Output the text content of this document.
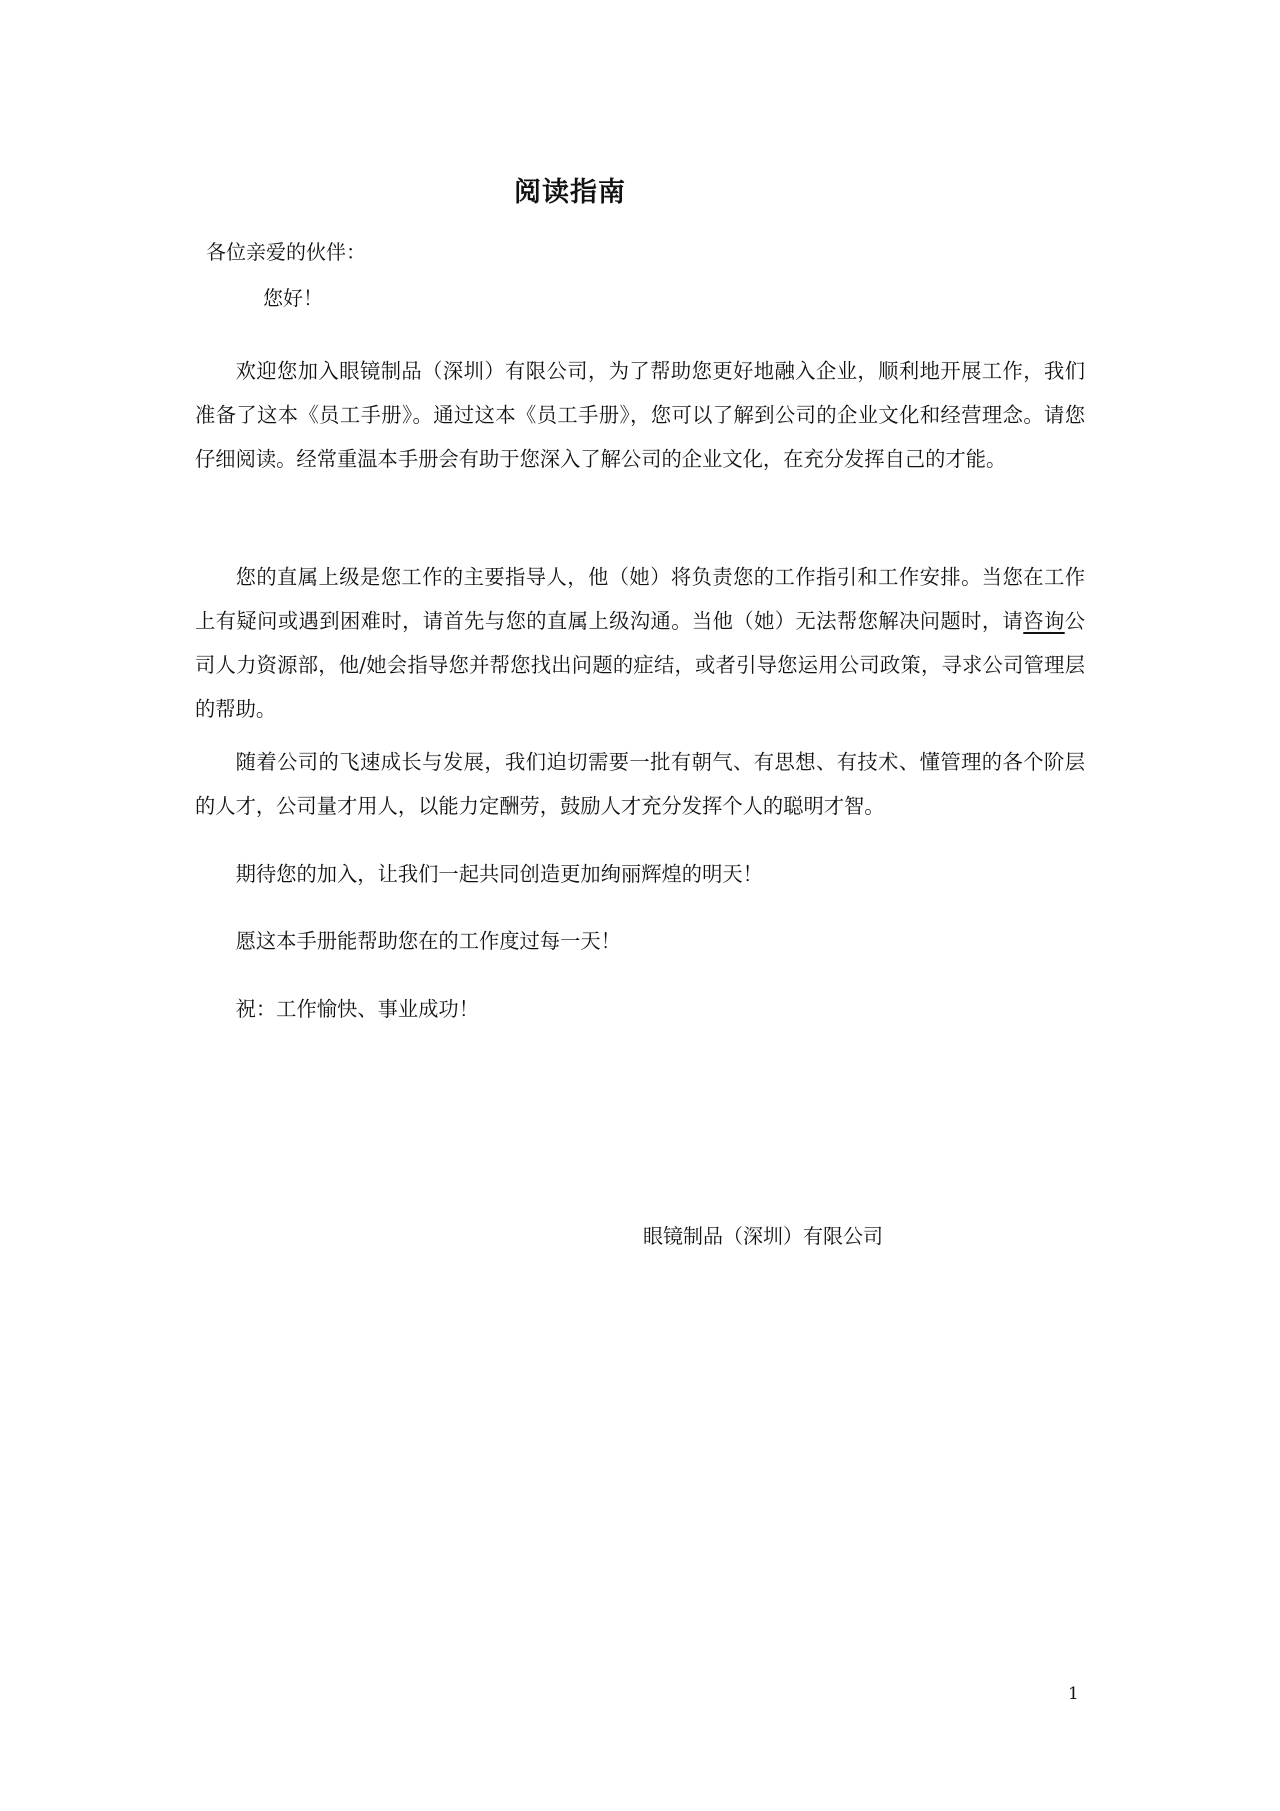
阅读指南
各位亲爱的伙伴：
您好！

欢迎您加入眼镜制品（深圳）有限公司，为了帮助您更好地融入企业，顺利地开展工作，我们准备了这本《员工手册》。通过这本《员工手册》，您可以了解到公司的企业文化和经营理念。请您仔细阅读。经常重温本手册会有助于您深入了解公司的企业文化，在充分发挥自己的才能。

您的直属上级是您工作的主要指导人，他（她）将负责您的工作指引和工作安排。当您在工作上有疑问或遇到困难时，请首先与您的直属上级沟通。当他（她）无法帮您解决问题时，请咨询公司人力资源部，他/她会指导您并帮您找出问题的症结，或者引导您运用公司政策，寻求公司管理层的帮助。

随着公司的飞速成长与发展，我们迫切需要一批有朝气、有思想、有技术、懂管理的各个阶层的人才，公司量才用人，以能力定酬劳，鼓励人才充分发挥个人的聪明才智。

期待您的加入，让我们一起共同创造更加绚丽辉煌的明天！

愿这本手册能帮助您在的工作度过每一天！

祝：工作愉快、事业成功！

眼镜制品（深圳）有限公司
1
